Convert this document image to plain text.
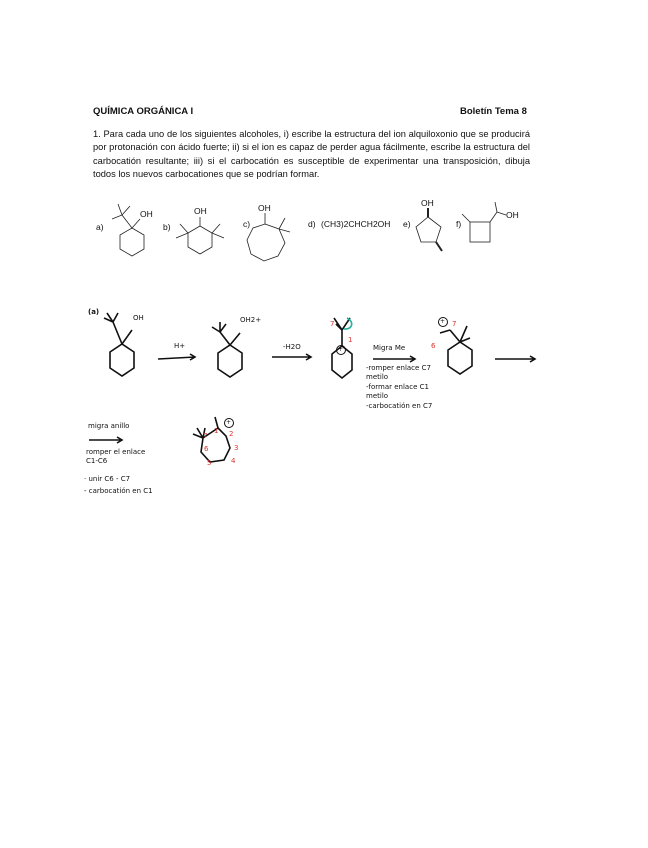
QUÍMICA ORGÁNICA I	Boletín Tema 8
1. Para cada uno de los siguientes alcoholes, i) escribe la estructura del ion alquiloxonio que se producirá por protonación con ácido fuerte; ii) si el ion es capaz de perder agua fácilmente, escribe la estructura del carbocatión resultante; iii) si el carbocatión es susceptible de experimentar una transposición, dibuja todos los nuevos carbocationes que se podrían formar.
a)
OH
b)
OH
c)
OH
d) (CH3)2CHCH2OH e)
OH
f)
OH
(a)
OH
H+
OH2+
-H2O
7
1
Migra Me
-romper enlace C7 metilo
-formar enlace C1 metilo
-carbocatión en C7
6
7
migra anillo
romper el enlace C1-C6
· unir C6 - C7
- carbocatión en C1
1 2
3
4
5
6
7
+
+
+
